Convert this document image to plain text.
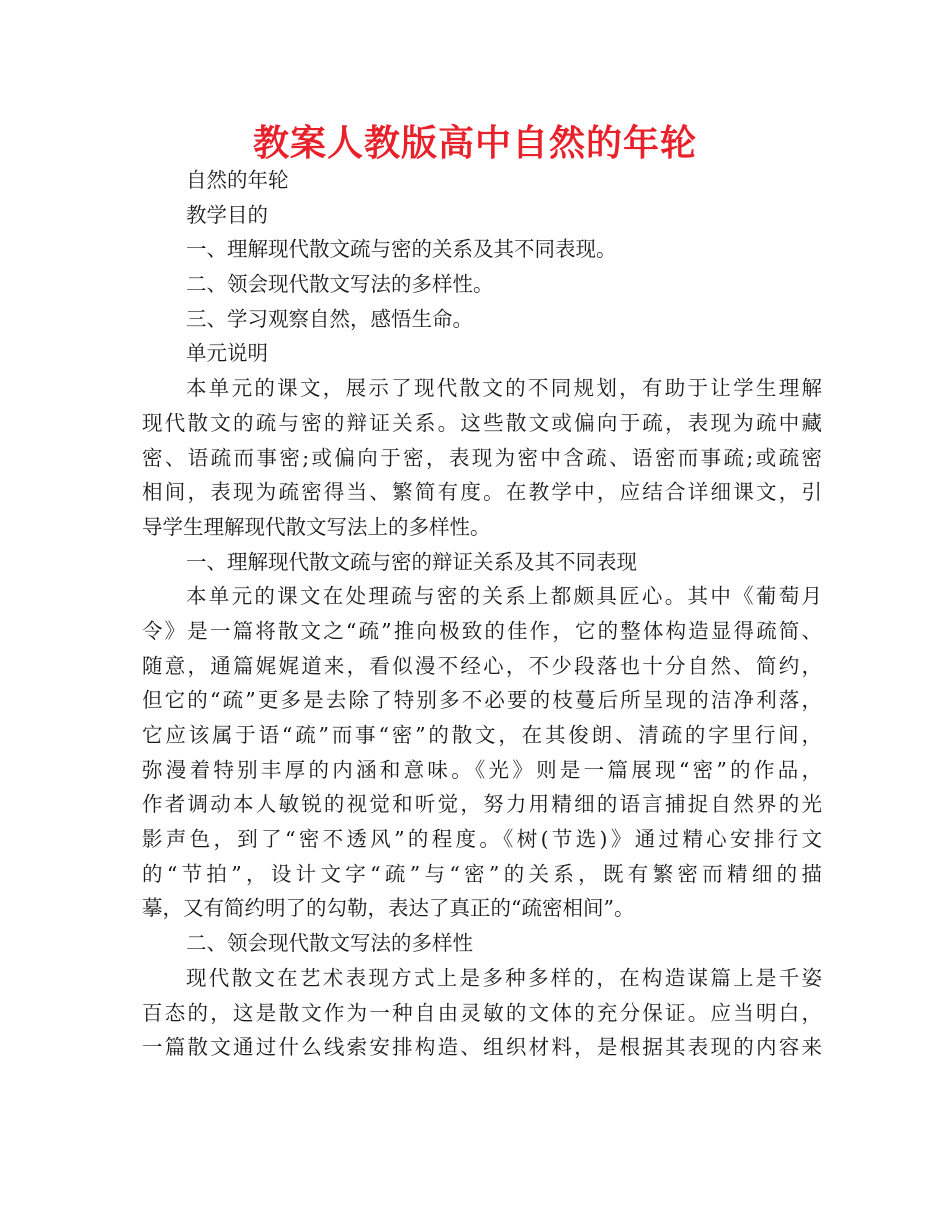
教案人教版高中自然的年轮
自然的年轮
教学目的
一、理解现代散文疏与密的关系及其不同表现。
二、领会现代散文写法的多样性。
三、学习观察自然，感悟生命。
单元说明
本单元的课文，展示了现代散文的不同规划，有助于让学生理解
现代散文的疏与密的辩证关系。这些散文或偏向于疏，表现为疏中藏
密、语疏而事密;或偏向于密，表现为密中含疏、语密而事疏;或疏密
相间，表现为疏密得当、繁简有度。在教学中，应结合详细课文，引
导学生理解现代散文写法上的多样性。
一、理解现代散文疏与密的辩证关系及其不同表现
本单元的课文在处理疏与密的关系上都颇具匠心。其中《葡萄月
令》是一篇将散文之“疏”推向极致的佳作，它的整体构造显得疏简、
随意，通篇娓娓道来，看似漫不经心，不少段落也十分自然、简约，
但它的“疏”更多是去除了特别多不必要的枝蔓后所呈现的洁净利落，
它应该属于语“疏”而事“密”的散文，在其俊朗、清疏的字里行间，
弥漫着特别丰厚的内涵和意味。《光》则是一篇展现“密”的作品，
作者调动本人敏锐的视觉和听觉，努力用精细的语言捕捉自然界的光
影声色，到了“密不透风”的程度。《树(节选)》通过精心安排行文
的“节拍”，设计文字“疏”与“密”的关系，既有繁密而精细的描
摹，又有简约明了的勾勒，表达了真正的“疏密相间”。
二、领会现代散文写法的多样性
现代散文在艺术表现方式上是多种多样的，在构造谋篇上是千姿
百态的，这是散文作为一种自由灵敏的文体的充分保证。应当明白，
一篇散文通过什么线索安排构造、组织材料，是根据其表现的内容来
